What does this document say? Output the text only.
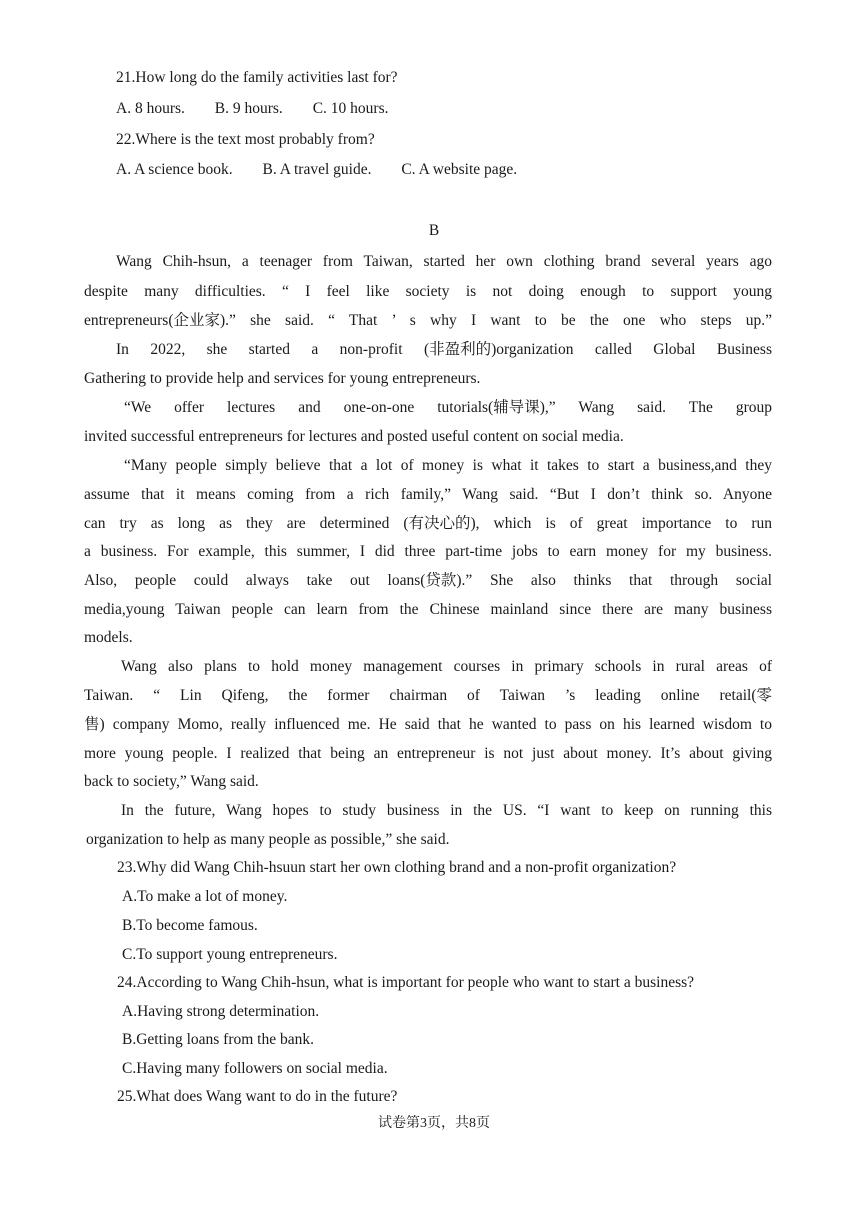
21.How long do the family activities last for?
A. 8 hours. B. 9 hours. C. 10 hours.
22.Where is the text most probably from?
A. A science book. B. A travel guide. C. A website page.
B
Wang Chih-hsun, a teenager from Taiwan, started her own clothing brand several years ago
despite many difficulties. “ I feel like society is not doing enough to support young
entrepreneurs(企业家).” she said. “ That ’ s why I want to be the one who steps up.”
In 2022, she started a non-profit (非盈利的)organization called Global Business
Gathering to provide help and services for young entrepreneurs.
“We offer lectures and one-on-one tutorials(辅导课),” Wang said. The group
invited successful entrepreneurs for lectures and posted useful content on social media.
“Many people simply believe that a lot of money is what it takes to start a business,and they
assume that it means coming from a rich family,” Wang said. “But I don’t think so. Anyone
can try as long as they are determined (有决心的), which is of great importance to run
a business. For example, this summer, I did three part-time jobs to earn money for my business.
Also, people could always take out loans(贷款).” She also thinks that through social
media,young Taiwan people can learn from the Chinese mainland since there are many business
models.
Wang also plans to hold money management courses in primary schools in rural areas of
Taiwan. “ Lin Qifeng, the former chairman of Taiwan ’s leading online retail(零
售) company Momo, really influenced me. He said that he wanted to pass on his learned wisdom to
more young people. I realized that being an entrepreneur is not just about money. It’s about giving
back to society,” Wang said.
In the future, Wang hopes to study business in the US. “I want to keep on running this
organization to help as many people as possible,” she said.
23.Why did Wang Chih-hsuun start her own clothing brand and a non-profit organization?
A.To make a lot of money.
B.To become famous.
C.To support young entrepreneurs.
24.According to Wang Chih-hsun, what is important for people who want to start a business?
A.Having strong determination.
B.Getting loans from the bank.
C.Having many followers on social media.
25.What does Wang want to do in the future?
试卷第3页，共8页
